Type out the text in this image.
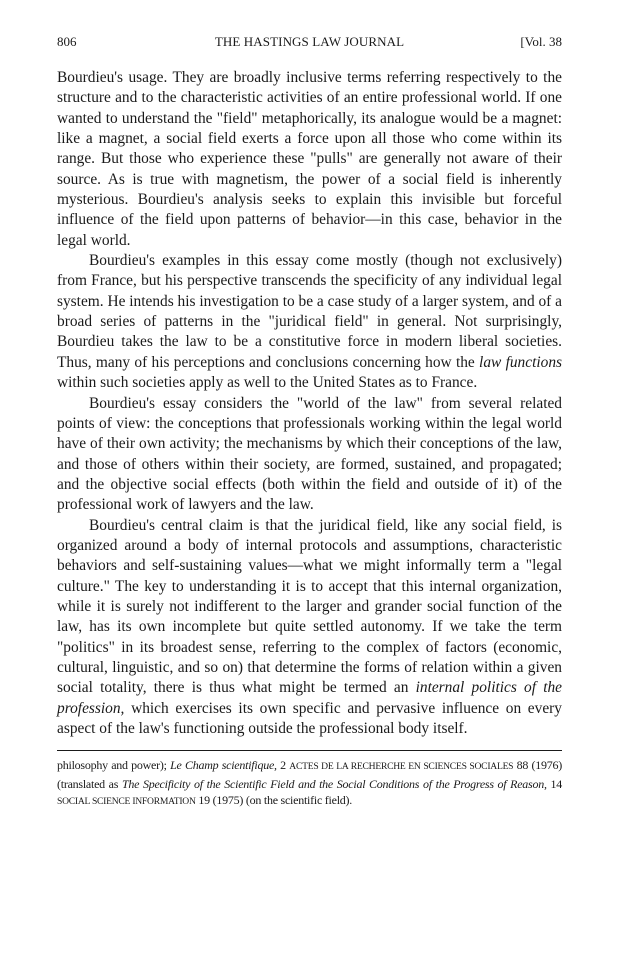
806	THE HASTINGS LAW JOURNAL	[Vol. 38

Bourdieu's usage. They are broadly inclusive terms referring respectively to the structure and to the characteristic activities of an entire professional world. If one wanted to understand the "field" metaphorically, its analogue would be a magnet: like a magnet, a social field exerts a force upon all those who come within its range. But those who experience these "pulls" are generally not aware of their source. As is true with magnetism, the power of a social field is inherently mysterious. Bourdieu's analysis seeks to explain this invisible but forceful influence of the field upon patterns of behavior—in this case, behavior in the legal world.

Bourdieu's examples in this essay come mostly (though not exclusively) from France, but his perspective transcends the specificity of any individual legal system. He intends his investigation to be a case study of a larger system, and of a broad series of patterns in the "juridical field" in general. Not surprisingly, Bourdieu takes the law to be a constitutive force in modern liberal societies. Thus, many of his perceptions and conclusions concerning how the law functions within such societies apply as well to the United States as to France.

Bourdieu's essay considers the "world of the law" from several related points of view: the conceptions that professionals working within the legal world have of their own activity; the mechanisms by which their conceptions of the law, and those of others within their society, are formed, sustained, and propagated; and the objective social effects (both within the field and outside of it) of the professional work of lawyers and the law.

Bourdieu's central claim is that the juridical field, like any social field, is organized around a body of internal protocols and assumptions, characteristic behaviors and self-sustaining values—what we might informally term a "legal culture." The key to understanding it is to accept that this internal organization, while it is surely not indifferent to the larger and grander social function of the law, has its own incomplete but quite settled autonomy. If we take the term "politics" in its broadest sense, referring to the complex of factors (economic, cultural, linguistic, and so on) that determine the forms of relation within a given social totality, there is thus what might be termed an internal politics of the profession, which exercises its own specific and pervasive influence on every aspect of the law's functioning outside the professional body itself.

philosophy and power); Le Champ scientifique, 2 ACTES DE LA RECHERCHE EN SCIENCES SOCIALES 88 (1976) (translated as The Specificity of the Scientific Field and the Social Conditions of the Progress of Reason, 14 SOCIAL SCIENCE INFORMATION 19 (1975) (on the scientific field).
